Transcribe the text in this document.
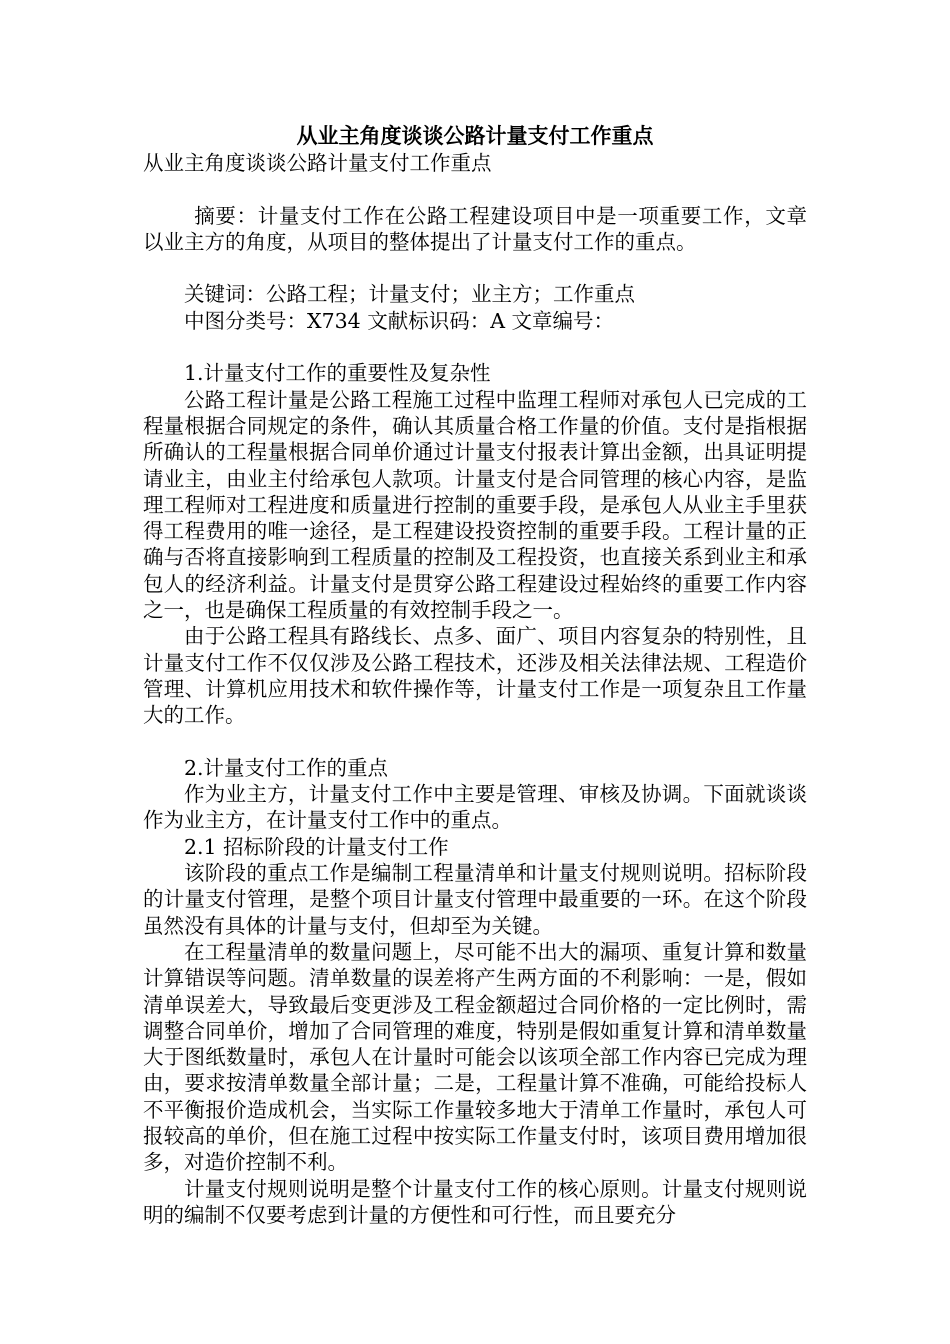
从业主角度谈谈公路计量支付工作重点
从业主角度谈谈公路计量支付工作重点
摘要：计量支付工作在公路工程建设项目中是一项重要工作，文章以业主方的角度，从项目的整体提出了计量支付工作的重点。
关键词：公路工程；计量支付；业主方；工作重点
中图分类号：X734 文献标识码：A 文章编号：
1.计量支付工作的重要性及复杂性
公路工程计量是公路工程施工过程中监理工程师对承包人已完成的工程量根据合同规定的条件，确认其质量合格工作量的价值。支付是指根据所确认的工程量根据合同单价通过计量支付报表计算出金额，出具证明提请业主，由业主付给承包人款项。计量支付是合同管理的核心内容，是监理工程师对工程进度和质量进行控制的重要手段，是承包人从业主手里获得工程费用的唯一途径，是工程建设投资控制的重要手段。工程计量的正确与否将直接影响到工程质量的控制及工程投资，也直接关系到业主和承包人的经济利益。计量支付是贯穿公路工程建设过程始终的重要工作内容之一，也是确保工程质量的有效控制手段之一。
由于公路工程具有路线长、点多、面广、项目内容复杂的特别性，且计量支付工作不仅仅涉及公路工程技术，还涉及相关法律法规、工程造价管理、计算机应用技术和软件操作等，计量支付工作是一项复杂且工作量大的工作。
2.计量支付工作的重点
作为业主方，计量支付工作中主要是管理、审核及协调。下面就谈谈作为业主方，在计量支付工作中的重点。
2.1 招标阶段的计量支付工作
该阶段的重点工作是编制工程量清单和计量支付规则说明。招标阶段的计量支付管理，是整个项目计量支付管理中最重要的一环。在这个阶段虽然没有具体的计量与支付，但却至为关键。
在工程量清单的数量问题上，尽可能不出大的漏项、重复计算和数量计算错误等问题。清单数量的误差将产生两方面的不利影响：一是，假如清单误差大，导致最后变更涉及工程金额超过合同价格的一定比例时，需调整合同单价，增加了合同管理的难度，特别是假如重复计算和清单数量大于图纸数量时，承包人在计量时可能会以该项全部工作内容已完成为理由，要求按清单数量全部计量；二是，工程量计算不准确，可能给投标人不平衡报价造成机会，当实际工作量较多地大于清单工作量时，承包人可报较高的单价，但在施工过程中按实际工作量支付时，该项目费用增加很多，对造价控制不利。
计量支付规则说明是整个计量支付工作的核心原则。计量支付规则说明的编制不仅要考虑到计量的方便性和可行性，而且要充分
